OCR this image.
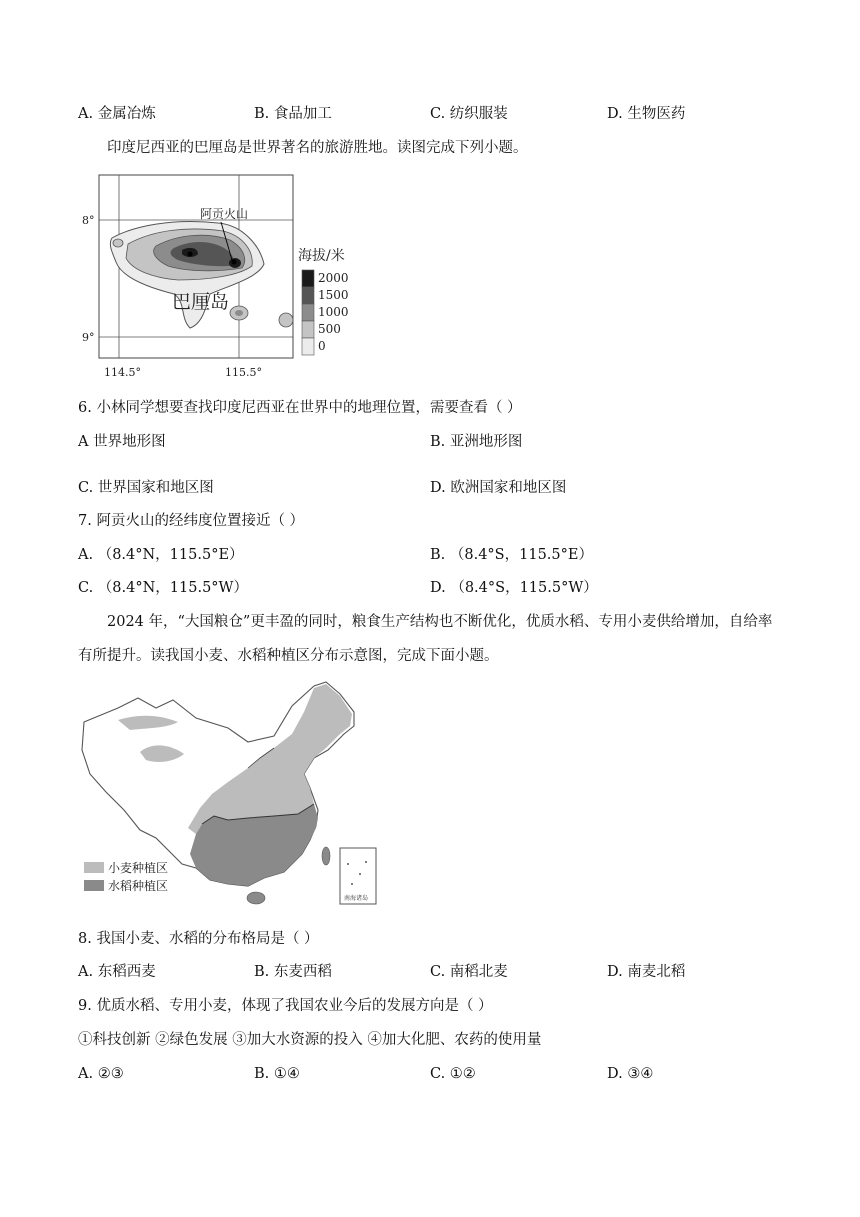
A. 金属冶炼	B. 食品加工	C. 纺织服装	D. 生物医药
印度尼西亚的巴厘岛是世界著名的旅游胜地。读图完成下列小题。
阿贡火山
巴厘岛
8°
9°
114.5°	115.5°
海拔/米
2000
1500
1000
500
0
6. 小林同学想要查找印度尼西亚在世界中的地理位置，需要查看（ ）
A 世界地形图	B. 亚洲地形图
C. 世界国家和地区图	D. 欧洲国家和地区图
7. 阿贡火山的经纬度位置接近（ ）
A. （8.4°N，115.5°E）	B. （8.4°S，115.5°E）
C. （8.4°N，115.5°W）	D. （8.4°S，115.5°W）
2024 年，“大国粮仓”更丰盈的同时，粮食生产结构也不断优化，优质水稻、专用小麦供给增加，自给率
有所提升。读我国小麦、水稻种植区分布示意图，完成下面小题。
南海诸岛
小麦种植区
水稻种植区
8. 我国小麦、水稻的分布格局是（ ）
A. 东稻西麦	B. 东麦西稻	C. 南稻北麦	D. 南麦北稻
9. 优质水稻、专用小麦，体现了我国农业今后的发展方向是（ ）
①科技创新 ②绿色发展 ③加大水资源的投入 ④加大化肥、农药的使用量
A. ②③	B. ①④	C. ①②	D. ③④
